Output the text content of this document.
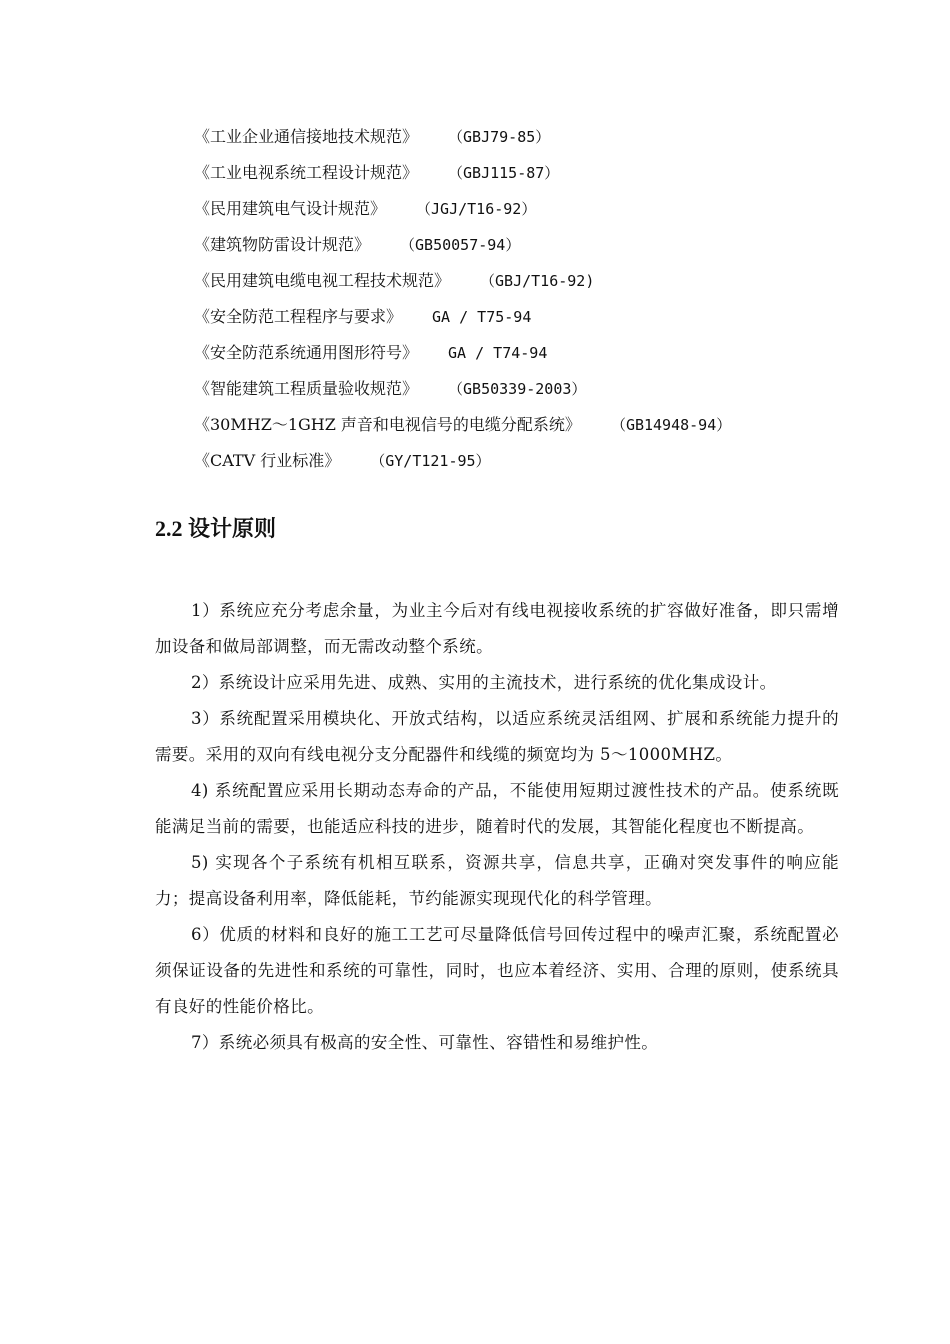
《工业企业通信接地技术规范》 （GBJ79-85）
《工业电视系统工程设计规范》 （GBJ115-87）
《民用建筑电气设计规范》 （JGJ/T16-92）
《建筑物防雷设计规范》 （GB50057-94）
《民用建筑电缆电视工程技术规范》 （GBJ/T16-92)
《安全防范工程程序与要求》 GA / T75-94
《安全防范系统通用图形符号》 GA / T74-94
《智能建筑工程质量验收规范》 （GB50339-2003）
《30MHZ～1GHZ 声音和电视信号的电缆分配系统》 （GB14948-94）
《CATV 行业标准》 （GY/T121-95）
2.2 设计原则

1）系统应充分考虑余量，为业主今后对有线电视接收系统的扩容做好准备，即只需增加设备和做局部调整，而无需改动整个系统。

2）系统设计应采用先进、成熟、实用的主流技术，进行系统的优化集成设计。

3）系统配置采用模块化、开放式结构，以适应系统灵活组网、扩展和系统能力提升的需要。采用的双向有线电视分支分配器件和线缆的频宽均为 5～1000MHZ。

4) 系统配置应采用长期动态寿命的产品，不能使用短期过渡性技术的产品。使系统既能满足当前的需要，也能适应科技的进步，随着时代的发展，其智能化程度也不断提高。

5) 实现各个子系统有机相互联系，资源共享，信息共享，正确对突发事件的响应能力；提高设备利用率，降低能耗，节约能源实现现代化的科学管理。

6）优质的材料和良好的施工工艺可尽量降低信号回传过程中的噪声汇聚，系统配置必须保证设备的先进性和系统的可靠性，同时，也应本着经济、实用、合理的原则，使系统具有良好的性能价格比。

7）系统必须具有极高的安全性、可靠性、容错性和易维护性。
